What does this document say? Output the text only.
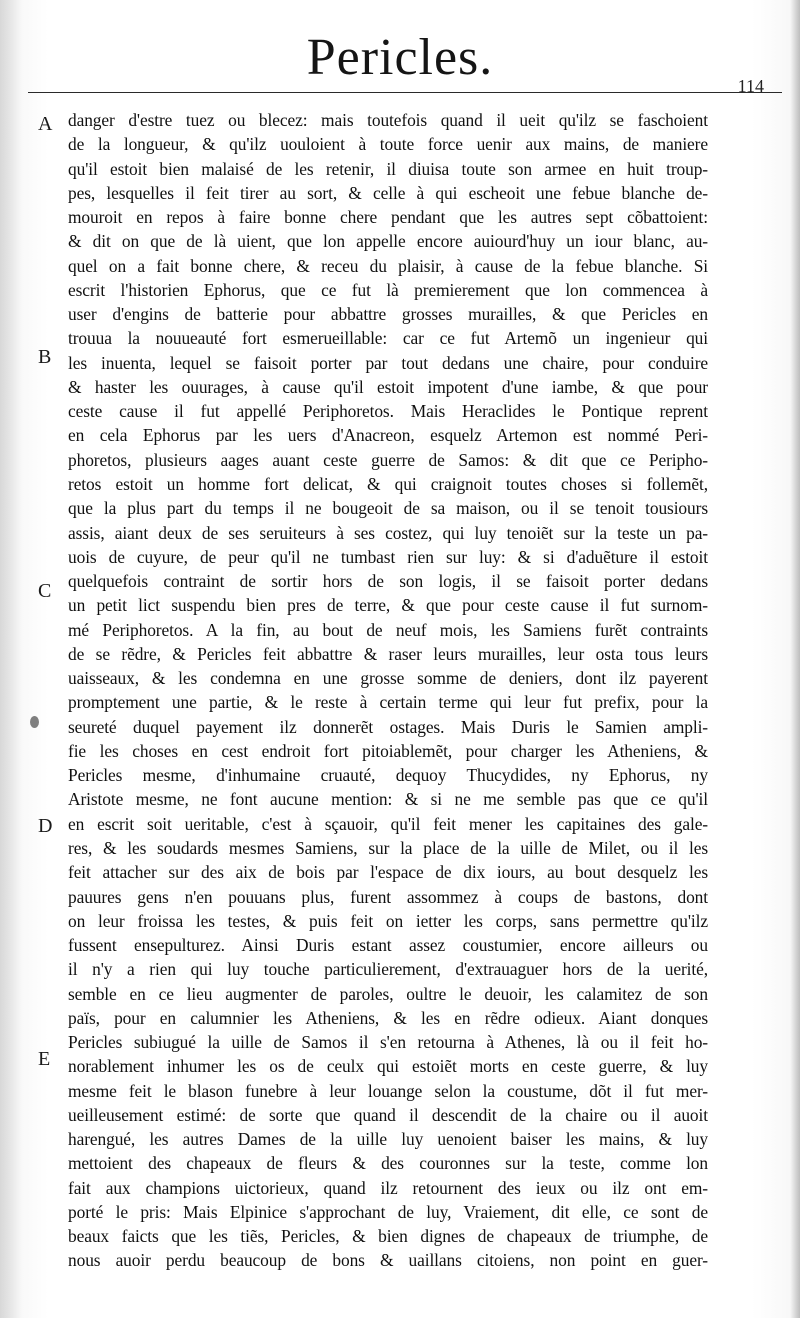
Pericles.	114
A
B
C
D
E
danger d'estre tuez ou blecez: mais toutefois quand il ueit qu'ilz se faschoient
de la longueur, & qu'ilz uouloient à toute force uenir aux mains, de maniere
qu'il estoit bien malaisé de les retenir, il diuisa toute son armee en huit troup-
pes, lesquelles il feit tirer au sort, & celle à qui escheoit une febue blanche de-
mouroit en repos à faire bonne chere pendant que les autres sept cõbattoient:
& dit on que de là uient, que lon appelle encore auiourd'huy un iour blanc, au-
quel on a fait bonne chere, & receu du plaisir, à cause de la febue blanche. Si
escrit l'historien Ephorus, que ce fut là premierement que lon commencea à
user d'engins de batterie pour abbattre grosses murailles, & que Pericles en
trouua la nouueauté fort esmerueillable: car ce fut Artemõ un ingenieur qui
les inuenta, lequel se faisoit porter par tout dedans une chaire, pour conduire
& haster les ouurages, à cause qu'il estoit impotent d'une iambe, & que pour
ceste cause il fut appellé Periphoretos. Mais Heraclides le Pontique reprent
en cela Ephorus par les uers d'Anacreon, esquelz Artemon est nommé Peri-
phoretos, plusieurs aages auant ceste guerre de Samos: & dit que ce Peripho-
retos estoit un homme fort delicat, & qui craignoit toutes choses si follemẽt,
que la plus part du temps il ne bougeoit de sa maison, ou il se tenoit tousiours
assis, aiant deux de ses seruiteurs à ses costez, qui luy tenoiẽt sur la teste un pa-
uois de cuyure, de peur qu'il ne tumbast rien sur luy: & si d'aduẽture il estoit
quelquefois contraint de sortir hors de son logis, il se faisoit porter dedans
un petit lict suspendu bien pres de terre, & que pour ceste cause il fut surnom-
mé Periphoretos. A la fin, au bout de neuf mois, les Samiens furẽt contraints
de se rẽdre, & Pericles feit abbattre & raser leurs murailles, leur osta tous leurs
uaisseaux, & les condemna en une grosse somme de deniers, dont ilz payerent
promptement une partie, & le reste à certain terme qui leur fut prefix, pour la
seureté duquel payement ilz donnerẽt ostages. Mais Duris le Samien ampli-
fie les choses en cest endroit fort pitoiablemẽt, pour charger les Atheniens, &
Pericles mesme, d'inhumaine cruauté, dequoy Thucydides, ny Ephorus, ny
Aristote mesme, ne font aucune mention: & si ne me semble pas que ce qu'il
en escrit soit ueritable, c'est à sçauoir, qu'il feit mener les capitaines des gale-
res, & les soudards mesmes Samiens, sur la place de la uille de Milet, ou il les
feit attacher sur des aix de bois par l'espace de dix iours, au bout desquelz les
pauures gens n'en pouuans plus, furent assommez à coups de bastons, dont
on leur froissa les testes, & puis feit on ietter les corps, sans permettre qu'ilz
fussent ensepulturez. Ainsi Duris estant assez coustumier, encore ailleurs ou
il n'y a rien qui luy touche particulierement, d'extrauaguer hors de la uerité,
semble en ce lieu augmenter de paroles, oultre le deuoir, les calamitez de son
païs, pour en calumnier les Atheniens, & les en rẽdre odieux. Aiant donques
Pericles subiugué la uille de Samos il s'en retourna à Athenes, là ou il feit ho-
norablement inhumer les os de ceulx qui estoiẽt morts en ceste guerre, & luy
mesme feit le blason funebre à leur louange selon la coustume, dõt il fut mer-
ueilleusement estimé: de sorte que quand il descendit de la chaire ou il auoit
harengué, les autres Dames de la uille luy uenoient baiser les mains, & luy
mettoient des chapeaux de fleurs & des couronnes sur la teste, comme lon
fait aux champions uictorieux, quand ilz retournent des ieux ou ilz ont em-
porté le pris: Mais Elpinice s'approchant de luy, Vraiement, dit elle, ce sont de
beaux faicts que les tiẽs, Pericles, & bien dignes de chapeaux de triumphe, de
nous auoir perdu beaucoup de bons & uaillans citoiens, non point en guer-
